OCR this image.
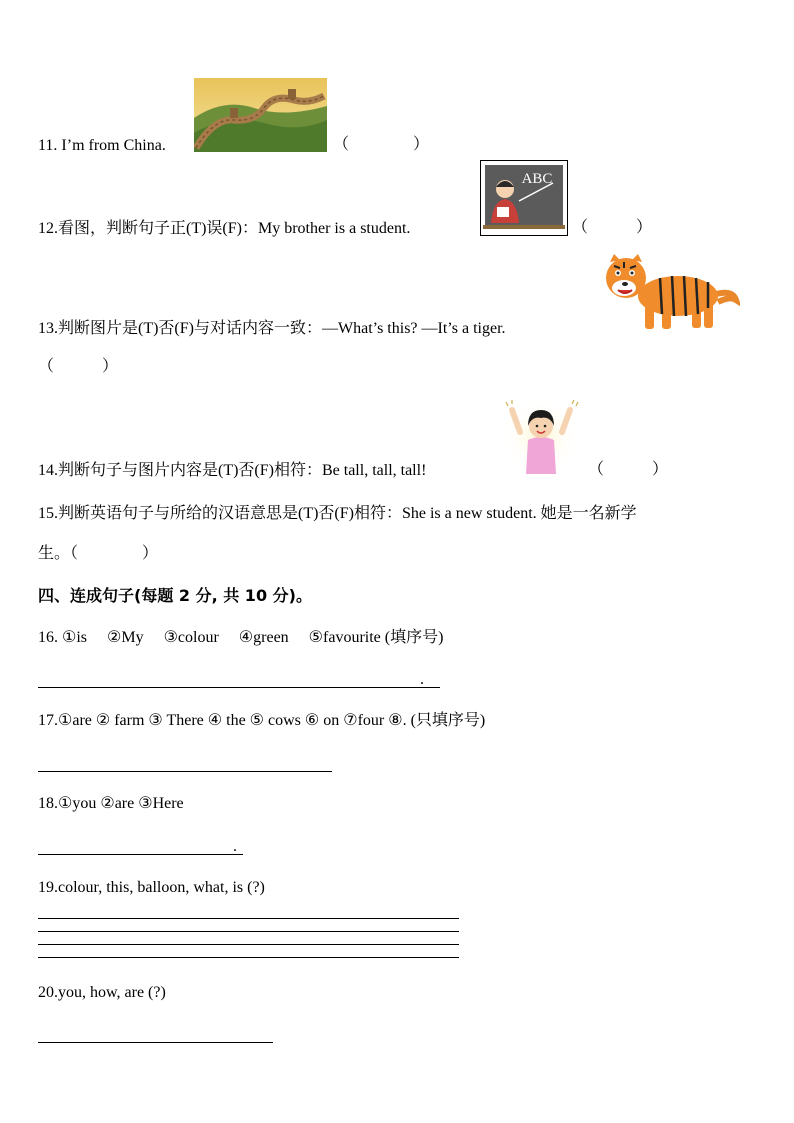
11. I’m from China.	（　　　　）
12.看图，判断句子正(T)误(F)：My brother is a student.
ABC
（　　　）
13.判断图片是(T)否(F)与对话内容一致：—What’s this? —It’s a tiger.
（　　　）
14.判断句子与图片内容是(T)否(F)相符：Be tall, tall, tall!	（　　　）
15.判断英语句子与所给的汉语意思是(T)否(F)相符：She is a new student. 她是一名新学
生。（　　　　）
四、连成句子(每题 2 分, 共 10 分)。
16. ①is　 ②My　 ③colour　 ④green　 ⑤favourite (填序号)
.
17.①are ② farm ③ There ④ the ⑤ cows ⑥ on ⑦four ⑧. (只填序号)
18.①you ②are ③Here
.
19.colour, this, balloon, what, is (?)
20.you, how, are (?)
